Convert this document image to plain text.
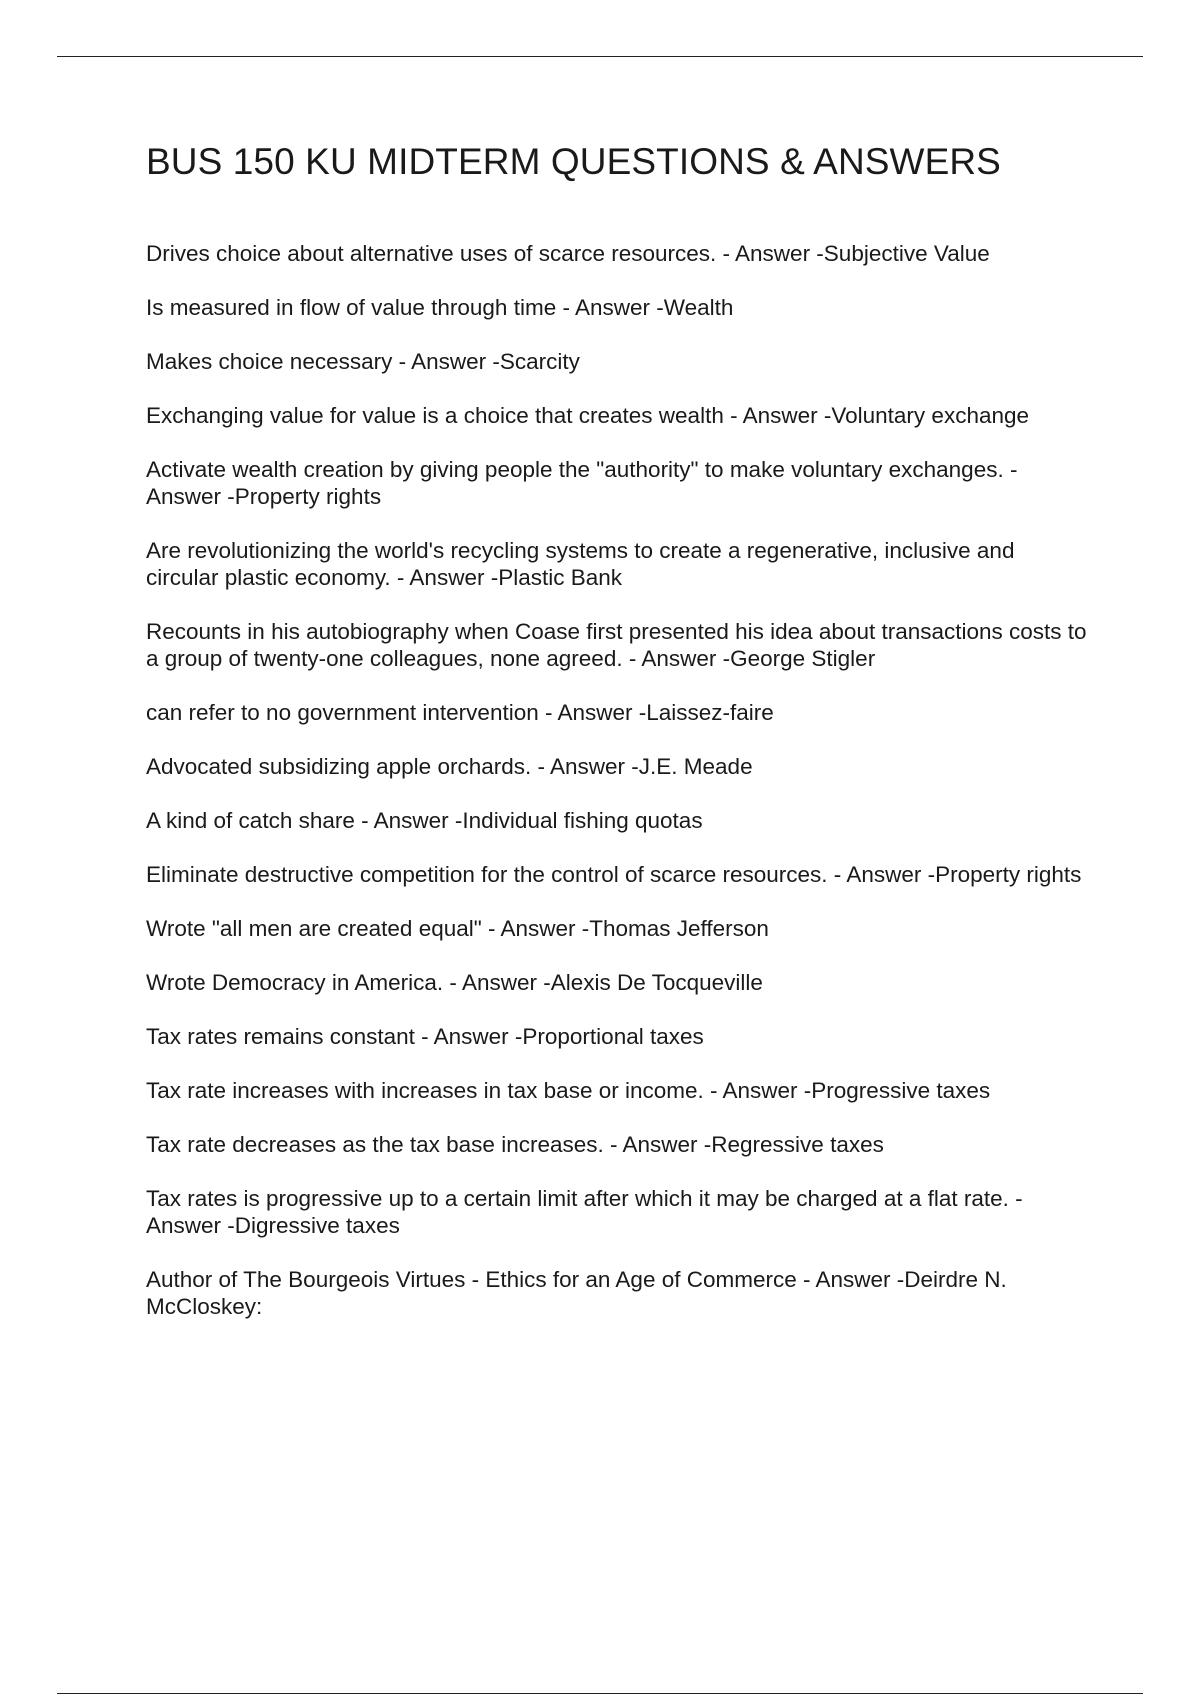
BUS 150 KU MIDTERM QUESTIONS & ANSWERS

Drives choice about alternative uses of scarce resources. - Answer -Subjective Value

Is measured in flow of value through time - Answer -Wealth

Makes choice necessary - Answer -Scarcity

Exchanging value for value is a choice that creates wealth - Answer -Voluntary exchange

Activate wealth creation by giving people the "authority" to make voluntary exchanges. - Answer -Property rights

Are revolutionizing the world's recycling systems to create a regenerative, inclusive and circular plastic economy. - Answer -Plastic Bank

Recounts in his autobiography when Coase first presented his idea about transactions costs to a group of twenty-one colleagues, none agreed. - Answer -George Stigler

can refer to no government intervention - Answer -Laissez-faire

Advocated subsidizing apple orchards. - Answer -J.E. Meade

A kind of catch share - Answer -Individual fishing quotas

Eliminate destructive competition for the control of scarce resources. - Answer -Property rights

Wrote "all men are created equal" - Answer -Thomas Jefferson

Wrote Democracy in America. - Answer -Alexis De Tocqueville

Tax rates remains constant - Answer -Proportional taxes

Tax rate increases with increases in tax base or income. - Answer -Progressive taxes

Tax rate decreases as the tax base increases. - Answer -Regressive taxes

Tax rates is progressive up to a certain limit after which it may be charged at a flat rate. - Answer -Digressive taxes

Author of The Bourgeois Virtues - Ethics for an Age of Commerce - Answer -Deirdre N. McCloskey:
